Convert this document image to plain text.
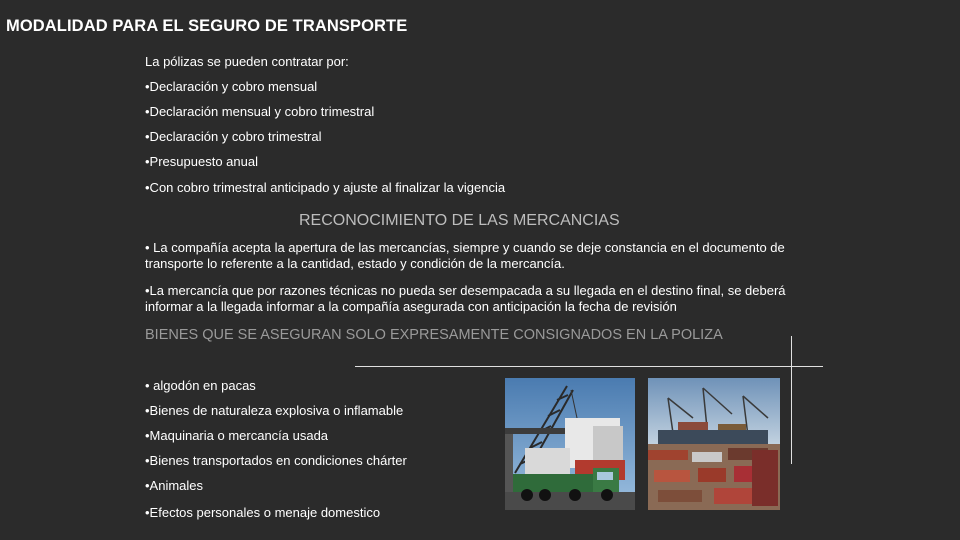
MODALIDAD PARA EL SEGURO DE TRANSPORTE
La pólizas se pueden contratar por:
•Declaración y cobro mensual
•Declaración mensual y cobro trimestral
•Declaración y cobro trimestral
•Presupuesto anual
•Con cobro trimestral anticipado y ajuste al finalizar la vigencia
RECONOCIMIENTO DE LAS MERCANCIAS
• La compañía acepta la apertura de las mercancías, siempre y cuando se deje constancia en el documento de transporte lo referente a la cantidad, estado y condición de la mercancía.
•La mercancía que por razones técnicas no pueda ser desempacada a su llegada en el destino final, se deberá informar a la llegada informar a la compañía asegurada con anticipación la fecha de revisión
BIENES QUE SE ASEGURAN SOLO EXPRESAMENTE CONSIGNADOS EN LA POLIZA
• algodón en pacas
•Bienes de naturaleza explosiva o inflamable
•Maquinaria o mercancía usada
•Bienes transportados en condiciones chárter
•Animales
•Efectos personales o menaje domestico
